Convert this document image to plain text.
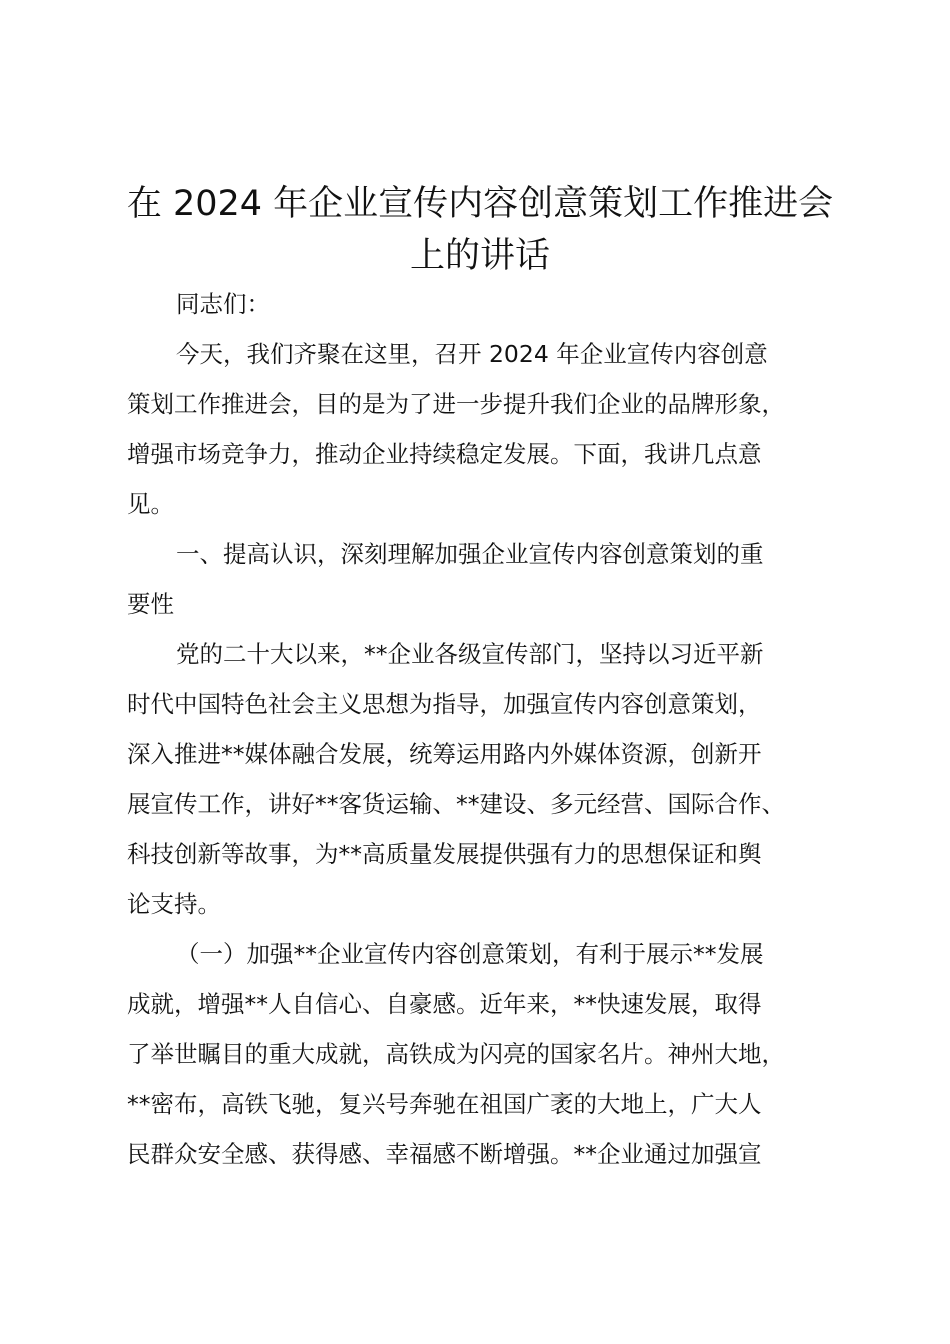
在 2024 年企业宣传内容创意策划工作推进会
上的讲话

同志们：

今天，我们齐聚在这里，召开 2024 年企业宣传内容创意

策划工作推进会，目的是为了进一步提升我们企业的品牌形象，

增强市场竞争力，推动企业持续稳定发展。下面，我讲几点意

见。

一、提高认识，深刻理解加强企业宣传内容创意策划的重

要性

党的二十大以来，**企业各级宣传部门，坚持以习近平新

时代中国特色社会主义思想为指导，加强宣传内容创意策划，

深入推进**媒体融合发展，统筹运用路内外媒体资源，创新开

展宣传工作，讲好**客货运输、**建设、多元经营、国际合作、

科技创新等故事，为**高质量发展提供强有力的思想保证和舆

论支持。

（一）加强**企业宣传内容创意策划，有利于展示**发展

成就，增强**人自信心、自豪感。近年来，**快速发展，取得

了举世瞩目的重大成就，高铁成为闪亮的国家名片。神州大地，

**密布，高铁飞驰，复兴号奔驰在祖国广袤的大地上，广大人

民群众安全感、获得感、幸福感不断增强。**企业通过加强宣
